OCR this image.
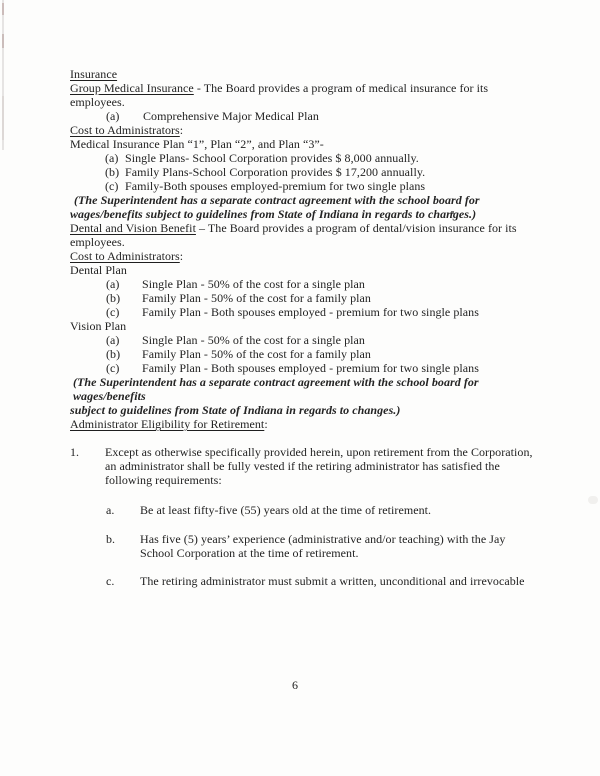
Insurance

Group Medical Insurance - The Board provides a program of medical insurance for its
employees.
(a)	Comprehensive Major Medical Plan

Cost to Administrators:
Medical Insurance Plan “1”, Plan “2”, and Plan “3”-
(a) Single Plans- School Corporation provides $ 8,000 annually.
(b) Family Plans-School Corporation provides $ 17,200 annually.
(c) Family-Both spouses employed-premium for two single plans

(The Superintendent has a separate contract agreement with the school board for
wages/benefits subject to guidelines from State of Indiana in regards to changes.)

Dental and Vision Benefit – The Board provides a program of dental/vision insurance for its
employees.

Cost to Administrators:
Dental Plan
(a)	Single Plan - 50% of the cost for a single plan
(b)	Family Plan - 50% of the cost for a family plan
(c)	Family Plan - Both spouses employed - premium for two single plans

Vision Plan
(a)	Single Plan - 50% of the cost for a single plan
(b)	Family Plan - 50% of the cost for a family plan
(c)	Family Plan - Both spouses employed - premium for two single plans

(The Superintendent has a separate contract agreement with the school board for wages/benefits
subject to guidelines from State of Indiana in regards to changes.)

Administrator Eligibility for Retirement:

1.	Except as otherwise specifically provided herein, upon retirement from the Corporation,
an administrator shall be fully vested if the retiring administrator has satisfied the
following requirements:
a.	Be at least fifty-five (55) years old at the time of retirement.
b.	Has five (5) years’ experience (administrative and/or teaching) with the Jay
School Corporation at the time of retirement.
c.	The retiring administrator must submit a written, unconditional and irrevocable
6
